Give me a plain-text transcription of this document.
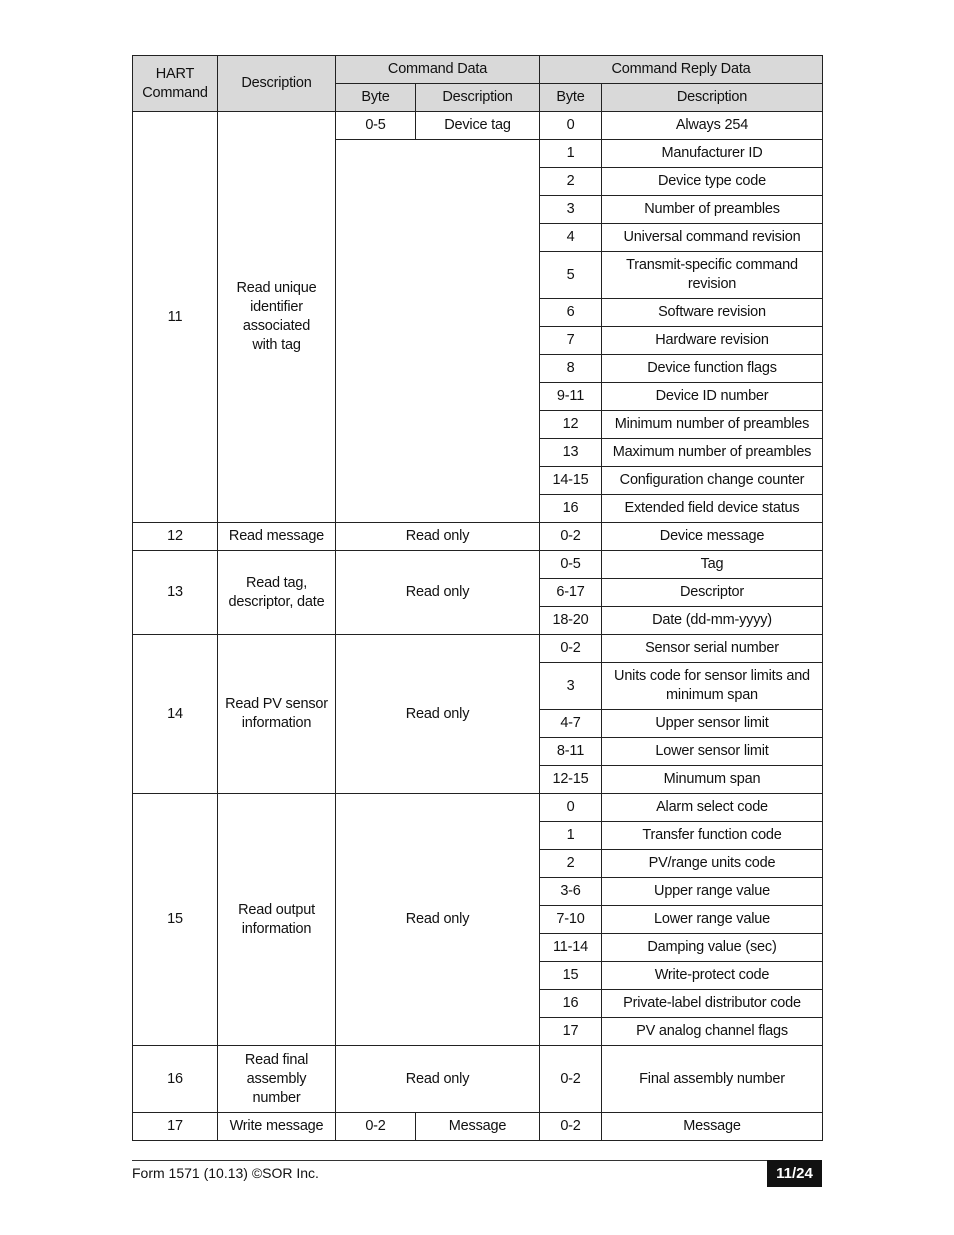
HART Command	Description	Command Data		Command Reply Data	
		Byte	Description	Byte	Description
11	Read unique
identifier
associated
with tag	0-5	Device tag	0	Always 254
				1	Manufacturer ID
				2	Device type code
				3	Number of preambles
				4	Universal command revision
				5	Transmit-specific command
revision
				6	Software revision
				7	Hardware revision
				8	Device function flags
				9-11	Device ID number
				12	Minimum number of preambles
				13	Maximum number of preambles
				14-15	Configuration change counter
				16	Extended field device status
12	Read message	Read only		0-2	Device message
13	Read tag,
descriptor, date	Read only		0-5	Tag
				6-17	Descriptor
				18-20	Date (dd-mm-yyyy)
14	Read PV sensor
information	Read only		0-2	Sensor serial number
				3	Units code for sensor limits and
minimum span
				4-7	Upper sensor limit
				8-11	Lower sensor limit
				12-15	Minumum span
15	Read output
information	Read only		0	Alarm select code
				1	Transfer function code
				2	PV/range units code
				3-6	Upper range value
				7-10	Lower range value
				11-14	Damping value (sec)
				15	Write-protect code
				16	Private-label distributor code
				17	PV analog channel flags
16	Read final
assembly
number	Read only		0-2	Final assembly number
17	Write message	0-2	Message	0-2	Message
Form 1571 (10.13) ©SOR Inc.	11/24
